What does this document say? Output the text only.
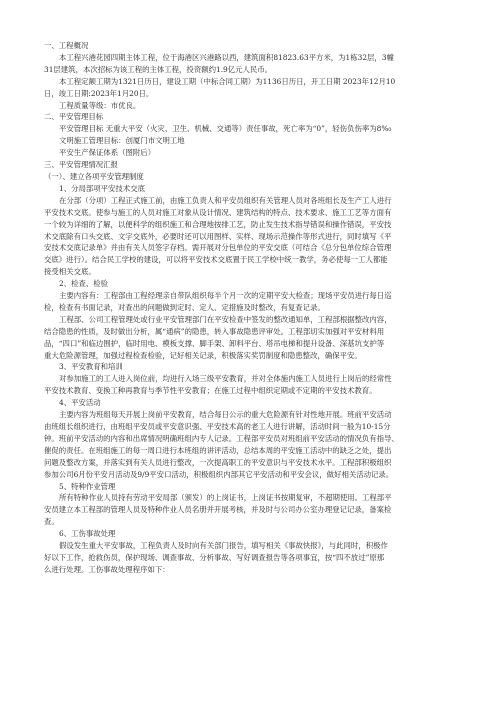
一、工程概况
本工程兴港花园四期主体工程，位于海港区兴港路以西，建筑面积81823.63平方米，为1栋32层，3幢
31层建筑，本次招标为该工程的主体工程，投资额约1.9亿元人民币。
本工程定额工期为1321日历日，建设工期（中标合同工期）为1136日历日，开工日期 2023年12月10
日，竣工日期:2023年1月20日。
工程质量等级：市优良。
二、平安管理目标
平安管理目标 无重大平安（火灾、卫生、机械、交通等）责任事故，死亡率为“0”，轻伤负伤率为8%₀
文明施工管理目标：创厦门市文明工地
平安生产保证体系（图附后）
三、平安管理情况汇报
（一）、建立各项平安管理制度
1、分局部项平安技术交底
在分部（分项）工程正式施工前，由施工负责人和平安员组织有关管理人员对各班组长及生产工人进行
平安技术交底。使参与施工的人员对施工对象从设计情况、建筑结构的特点、技术要求、施工工艺等方面有
一个较为详细的了解，以便科学的组织施工和合理地按排工艺，防止发生技术指导错误和操作错误，平安技
术交底除有口头交底、文字交底外，必要时还可以用图样、实样、现场示范操作等形式进行，同时填写《平
安技术交底记录单》并由有关人员签字存档。需开展对分包单位的平安交底（可结合《总分包单位综合管理
交底》进行）。结合民工学校的建设，可以将平安技术交底置于民工学校中统一教学，务必使每一工人都能
接受相关交底。
2、检查、检验
主要内容有：工程部由工程经理亲自带队组织每半个月一次的定期平安大检查；现场平安员进行每日巡
检，检查有书面记录，对查出的问题做到定时、定人、定措施及时整改，有复查记录。
工程部、公司工程管理处或行业平安管理部门在平安检查中签发的整改通知单，工程部根据整改内容，
结合隐患的性质，及时做出分析，属“通病”的隐患，转入事故隐患评审处。工程部切实加强对平安材料用
品，“四口”和临边围护，临时用电、模板支撑、脚手架、卸料平台、塔吊电梯和提升设备、深基坑支护等
重大危险源管理，加强过程检查检验，记好相关记录，积极落实奖罚制度和隐患整改，确保平安。
3、平安教育和培训
对参加施工的工人进入岗位前，均进行入场三级平安教育，并对全体施内施工人员进行上岗后的经常性
平安技术教育、变换工种再教育与季节性平安教育；在施工过程中组织定期或不定期的平安技术教育。
4、平安活动
主要内容为班组每天开展上岗前平安教育，结合每日公示的重大危险源有针对性地开展。班前平安活动
由班组长组织进行，由班组平安员或平安意识强、平安技术高的老工人进行讲解，活动时间一般为10-15分
钟。班前平安活动的内容和出席情况明确班组内专人记录。工程部平安员对班组前平安活动的情况负有指导、
催促的责任。在班组施工的每一周口进行本班组的讲评活动，总结本周的平安施工活动中的缺乏之处，提出
问题及整改方案，并落实到有关人员进行整改，一次提高职工的平安意识与平安技术水平。工程部积极组织
参加公司6月份平安月活动及9/9平安口活动，积极组织内部其它平安活动和平安会议，做好相关活动记录。
5、特种作业管理
所有特种作业人员持有劳动平安局部（颁发）的上岗证书，上岗证书按期复审，不超期使用。工程部平
安员建立本工程部的管理人员及特种作业人员名册并开展考核，并及时与公司办公室办理登记记录，备案检
查。
6、工伤事故处理
假设发生重大平安事故，工程负责人及时向有关部门报告，填写相关《事故快报》，与此同时，积极作
好以下工作，抢救伤员，保护现场、调查事故、分析事故、写好调查报告等各项事宜，按“四不放过”原那
么进行处理。工伤事故处理程序如下：
